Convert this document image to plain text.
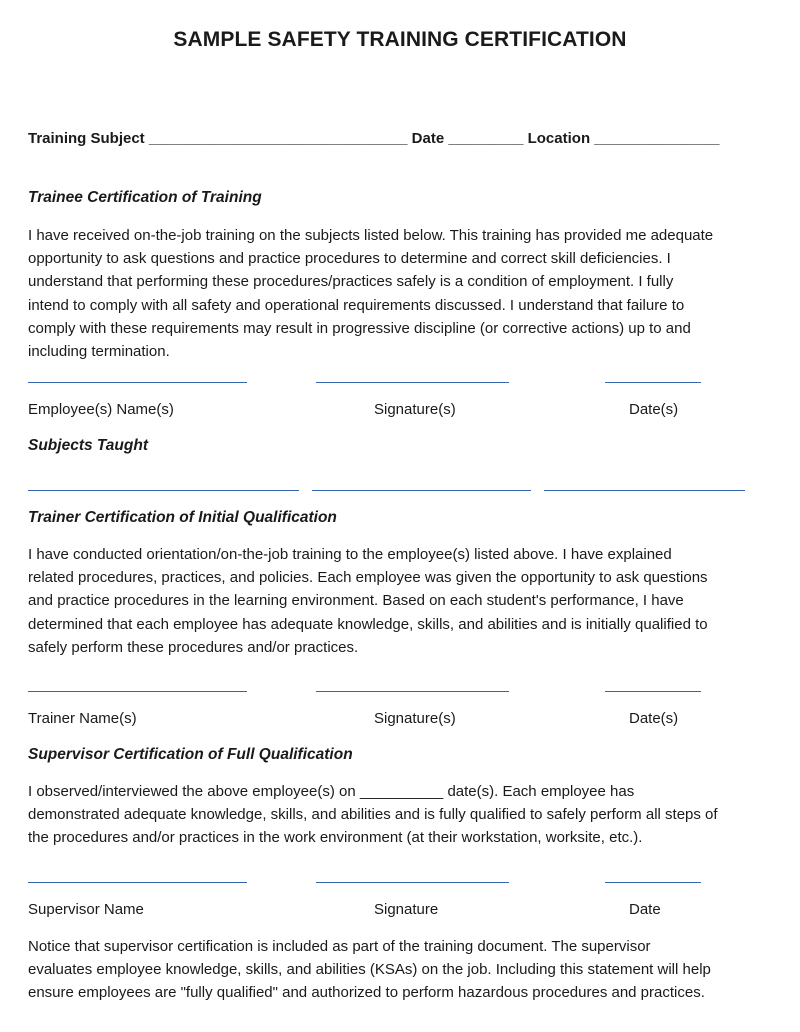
SAMPLE SAFETY TRAINING CERTIFICATION
Training Subject _______________________________ Date _________ Location _______________
Trainee Certification of Training
I have received on-the-job training on the subjects listed below. This training has provided me adequate
opportunity to ask questions and practice procedures to determine and correct skill deficiencies. I
understand that performing these procedures/practices safely is a condition of employment. I fully
intend to comply with all safety and operational requirements discussed. I understand that failure to
comply with these requirements may result in progressive discipline (or corrective actions) up to and
including termination.
Employee(s) Name(s)	Signature(s)	Date(s)
Subjects Taught
Trainer Certification of Initial Qualification
I have conducted orientation/on-the-job training to the employee(s) listed above. I have explained
related procedures, practices, and policies. Each employee was given the opportunity to ask questions
and practice procedures in the learning environment. Based on each student's performance, I have
determined that each employee has adequate knowledge, skills, and abilities and is initially qualified to
safely perform these procedures and/or practices.
Trainer Name(s)	Signature(s)	Date(s)
Supervisor Certification of Full Qualification
I observed/interviewed the above employee(s) on __________ date(s). Each employee has
demonstrated adequate knowledge, skills, and abilities and is fully qualified to safely perform all steps of
the procedures and/or practices in the work environment (at their workstation, worksite, etc.).
Supervisor Name	Signature	Date
Notice that supervisor certification is included as part of the training document. The supervisor
evaluates employee knowledge, skills, and abilities (KSAs) on the job. Including this statement will help
ensure employees are "fully qualified" and authorized to perform hazardous procedures and practices.
